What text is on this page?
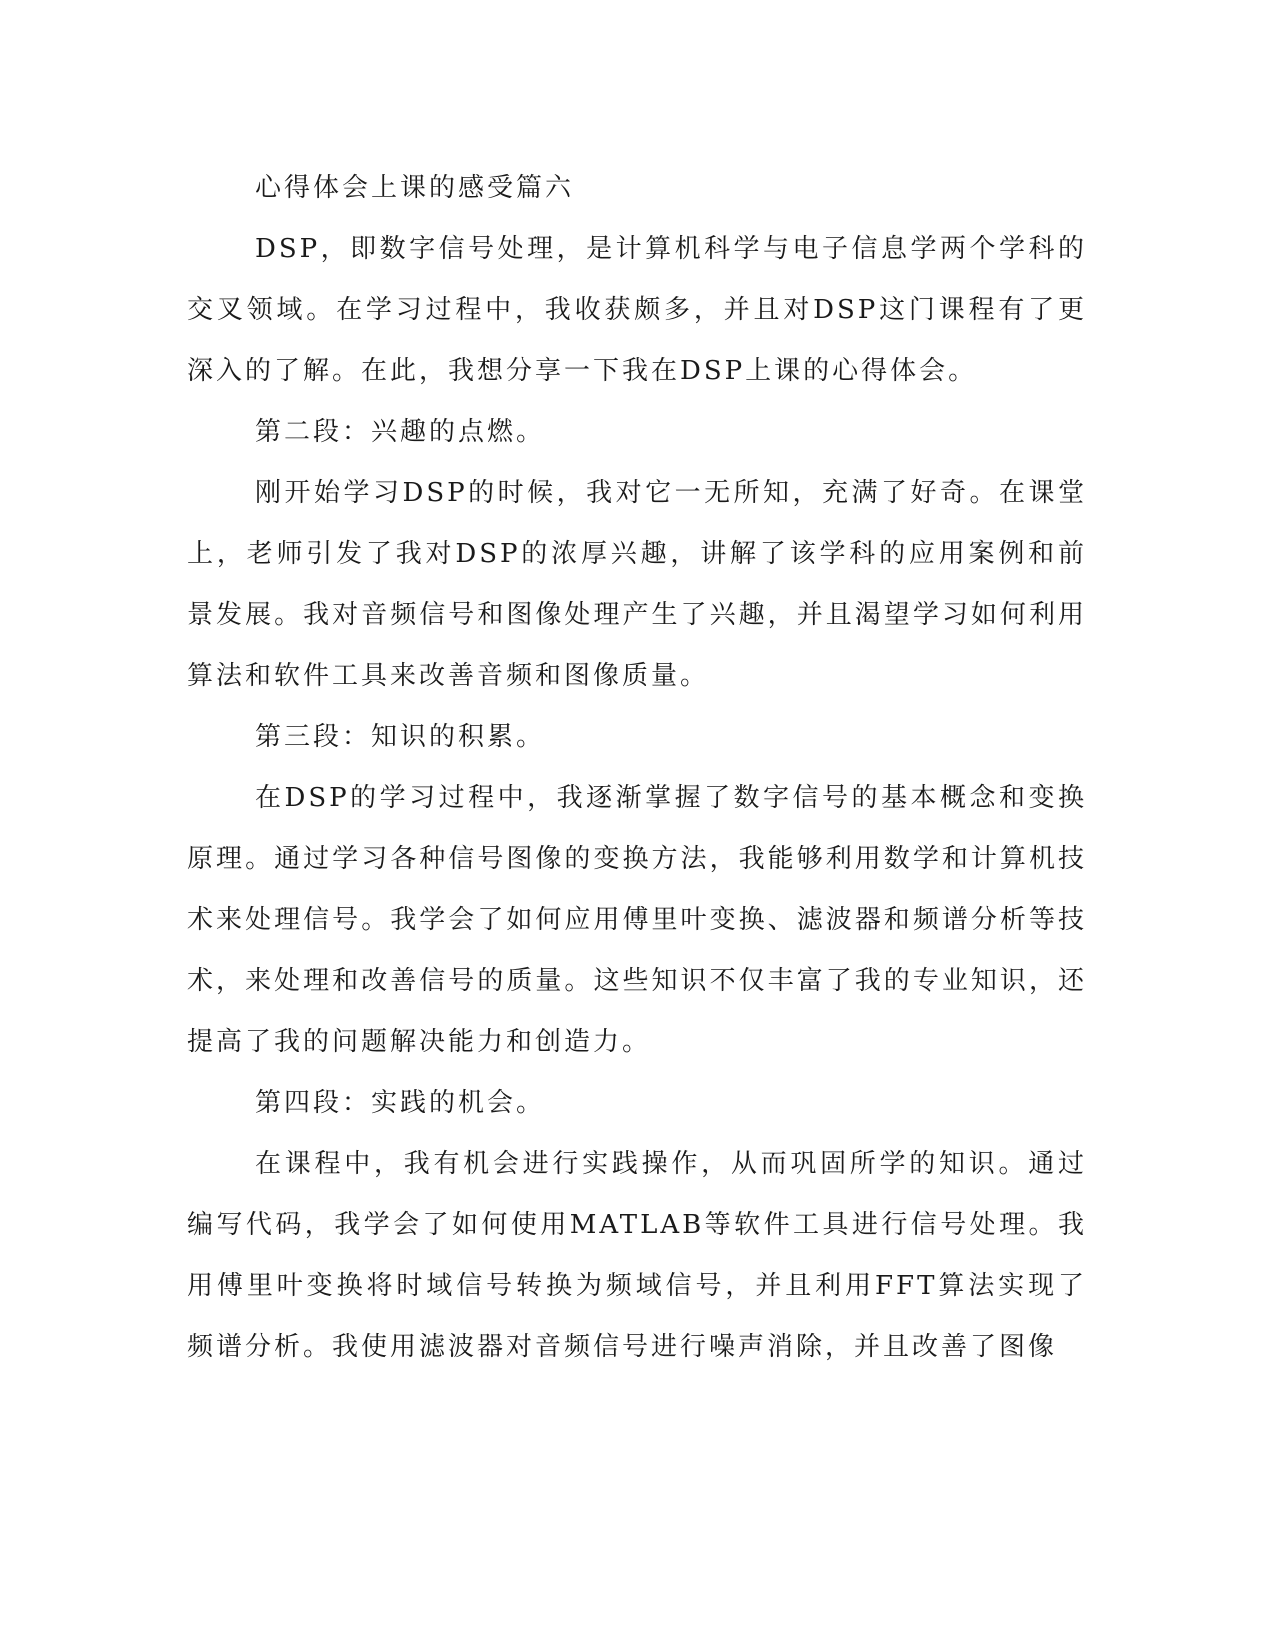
心得体会上课的感受篇六

DSP，即数字信号处理，是计算机科学与电子信息学两个学科的交叉领域。在学习过程中，我收获颇多，并且对DSP这门课程有了更深入的了解。在此，我想分享一下我在DSP上课的心得体会。

第二段：兴趣的点燃。

刚开始学习DSP的时候，我对它一无所知，充满了好奇。在课堂上，老师引发了我对DSP的浓厚兴趣，讲解了该学科的应用案例和前景发展。我对音频信号和图像处理产生了兴趣，并且渴望学习如何利用算法和软件工具来改善音频和图像质量。

第三段：知识的积累。

在DSP的学习过程中，我逐渐掌握了数字信号的基本概念和变换原理。通过学习各种信号图像的变换方法，我能够利用数学和计算机技术来处理信号。我学会了如何应用傅里叶变换、滤波器和频谱分析等技术，来处理和改善信号的质量。这些知识不仅丰富了我的专业知识，还提高了我的问题解决能力和创造力。

第四段：实践的机会。

在课程中，我有机会进行实践操作，从而巩固所学的知识。通过编写代码，我学会了如何使用MATLAB等软件工具进行信号处理。我用傅里叶变换将时域信号转换为频域信号，并且利用FFT算法实现了频谱分析。我使用滤波器对音频信号进行噪声消除，并且改善了图像
